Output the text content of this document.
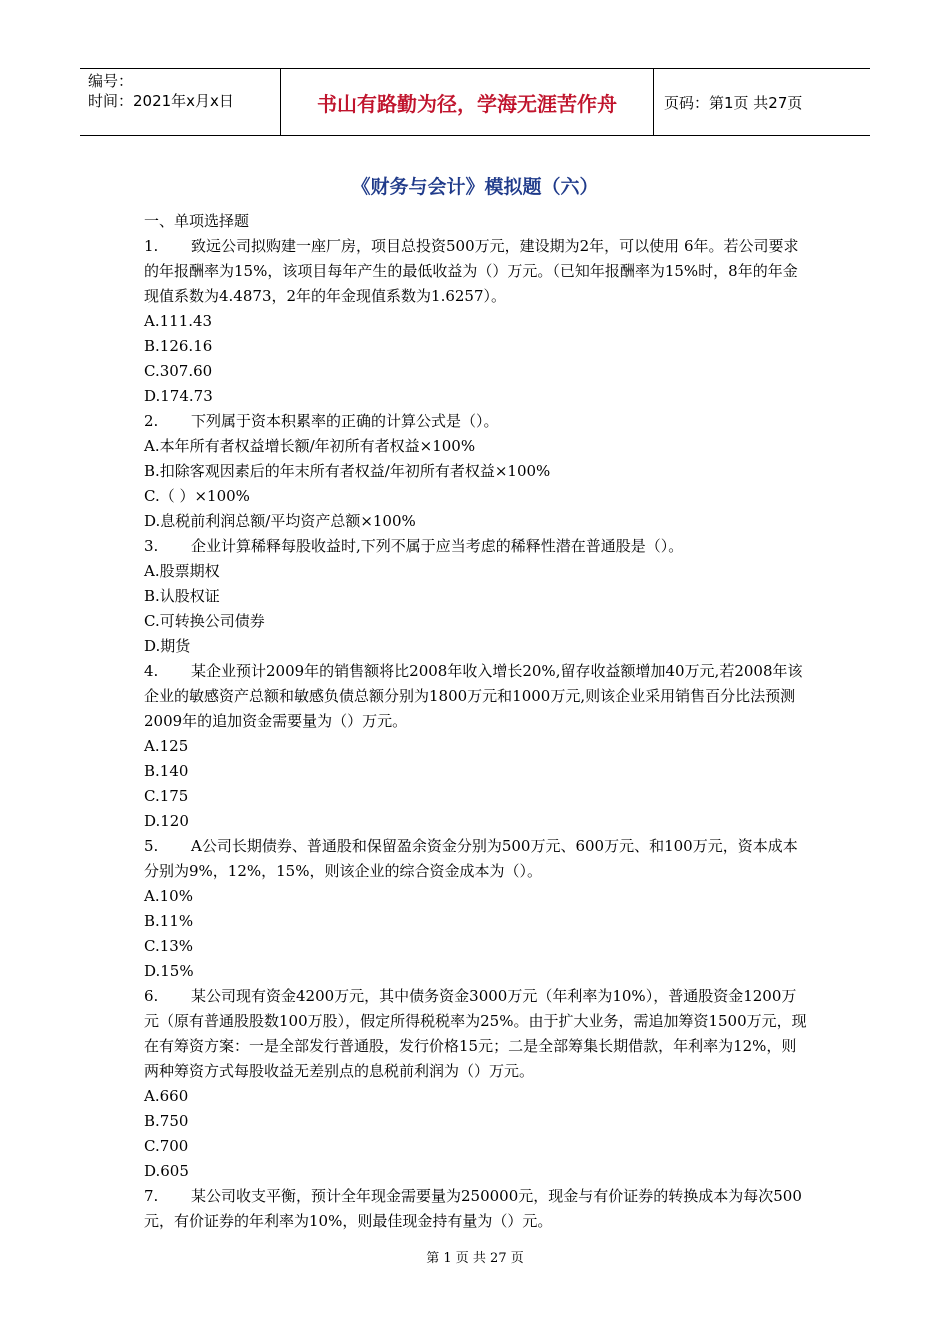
编号：
时间：2021年x月x日	书山有路勤为径，学海无涯苦作舟	页码：第1页 共27页
《财务与会计》模拟题（六）

一、单项选择题

1. 致远公司拟购建一座厂房，项目总投资500万元，建设期为2年，可以使用 6年。若公司要求的年报酬率为15%，该项目每年产生的最低收益为（）万元。（已知年报酬率为15%时，8年的年金现值系数为4.4873，2年的年金现值系数为1.6257）。

A.111.43

B.126.16

C.307.60

D.174.73

2. 下列属于资本积累率的正确的计算公式是（）。

A.本年所有者权益增长额/年初所有者权益×100%

B.扣除客观因素后的年末所有者权益/年初所有者权益×100%

C.（ ）×100%

D.息税前利润总额/平均资产总额×100%

3. 企业计算稀释每股收益时,下列不属于应当考虑的稀释性潜在普通股是（）。

A.股票期权

B.认股权证

C.可转换公司债券

D.期货

4. 某企业预计2009年的销售额将比2008年收入增长20%,留存收益额增加40万元,若2008年该企业的敏感资产总额和敏感负债总额分别为1800万元和1000万元,则该企业采用销售百分比法预测2009年的追加资金需要量为（）万元。

A.125

B.140

C.175

D.120

5. A公司长期债券、普通股和保留盈余资金分别为500万元、600万元、和100万元，资本成本分别为9%，12%，15%，则该企业的综合资金成本为（）。

A.10%

B.11%

C.13%

D.15%

6. 某公司现有资金4200万元，其中债务资金3000万元（年利率为10%），普通股资金1200万元（原有普通股股数100万股），假定所得税税率为25%。由于扩大业务，需追加筹资1500万元，现在有筹资方案：一是全部发行普通股，发行价格15元；二是全部筹集长期借款，年利率为12%，则两种筹资方式每股收益无差别点的息税前利润为（）万元。

A.660

B.750

C.700

D.605

7. 某公司收支平衡，预计全年现金需要量为250000元，现金与有价证券的转换成本为每次500元，有价证券的年利率为10%，则最佳现金持有量为（）元。

第 1 页 共 27 页
